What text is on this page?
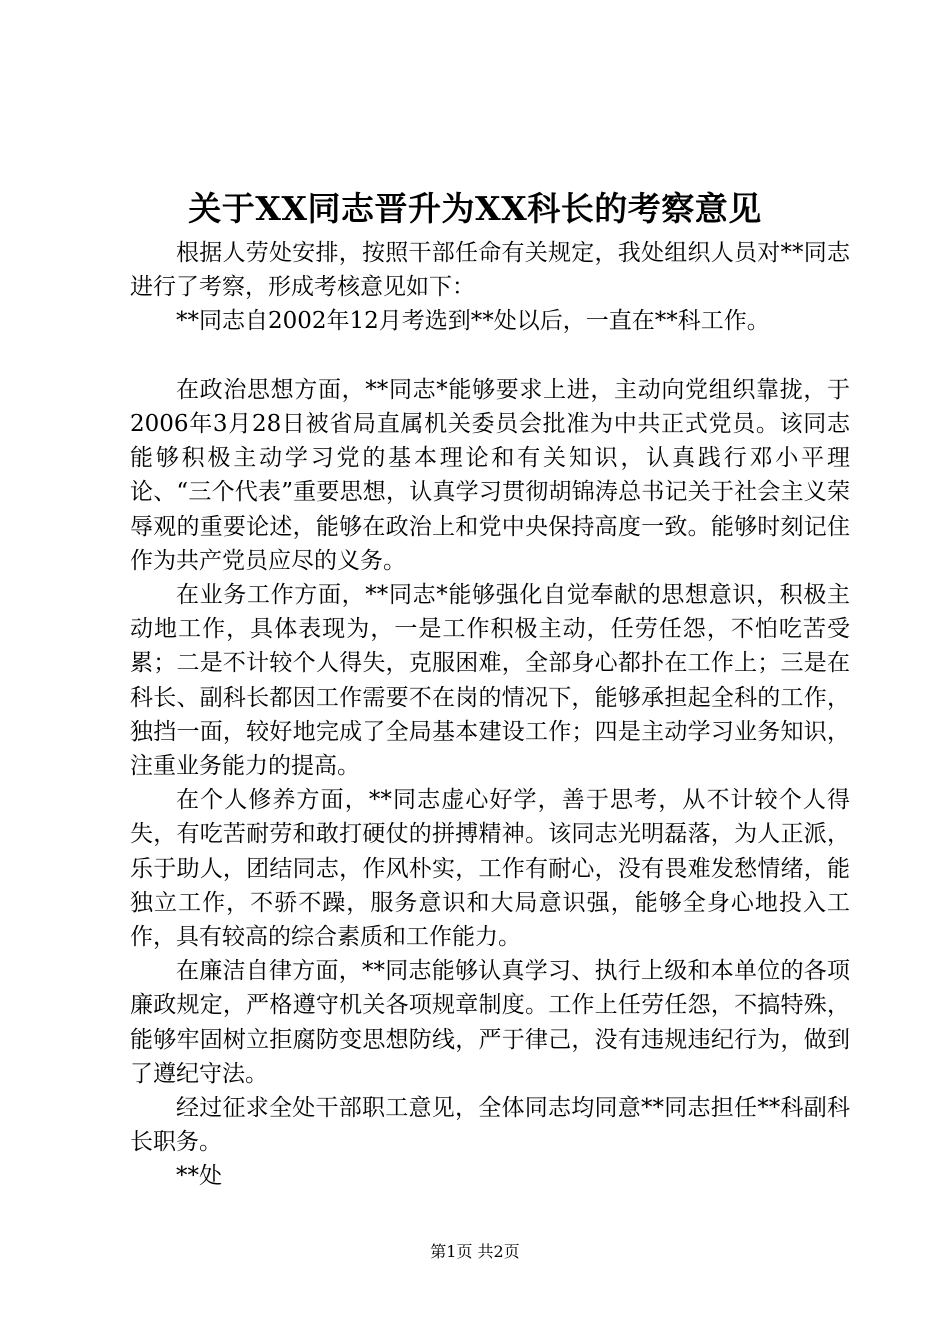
关于XX同志晋升为XX科长的考察意见

根据人劳处安排，按照干部任命有关规定，我处组织人员对**同志进行了考察，形成考核意见如下：

**同志自2002年12月考选到**处以后，一直在**科工作。

在政治思想方面，**同志*能够要求上进，主动向党组织靠拢，于2006年3月28日被省局直属机关委员会批准为中共正式党员。该同志能够积极主动学习党的基本理论和有关知识，认真践行邓小平理论、“三个代表”重要思想，认真学习贯彻胡锦涛总书记关于社会主义荣辱观的重要论述，能够在政治上和党中央保持高度一致。能够时刻记住作为共产党员应尽的义务。

在业务工作方面，**同志*能够强化自觉奉献的思想意识，积极主动地工作，具体表现为，一是工作积极主动，任劳任怨，不怕吃苦受累；二是不计较个人得失，克服困难，全部身心都扑在工作上；三是在科长、副科长都因工作需要不在岗的情况下，能够承担起全科的工作，独挡一面，较好地完成了全局基本建设工作；四是主动学习业务知识，注重业务能力的提高。

在个人修养方面，**同志虚心好学，善于思考，从不计较个人得失，有吃苦耐劳和敢打硬仗的拼搏精神。该同志光明磊落，为人正派，乐于助人，团结同志，作风朴实，工作有耐心，没有畏难发愁情绪，能独立工作，不骄不躁，服务意识和大局意识强，能够全身心地投入工作，具有较高的综合素质和工作能力。

在廉洁自律方面，**同志能够认真学习、执行上级和本单位的各项廉政规定，严格遵守机关各项规章制度。工作上任劳任怨，不搞特殊，能够牢固树立拒腐防变思想防线，严于律己，没有违规违纪行为，做到了遵纪守法。

经过征求全处干部职工意见，全体同志均同意**同志担任**科副科长职务。

**处

第1页 共2页
